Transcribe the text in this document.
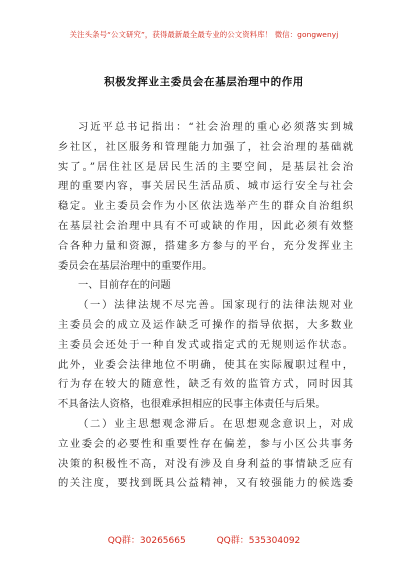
关注头条号“公文研究”，获得最新最全最专业的公文资料库！ 微信：gongwenyj
积极发挥业主委员会在基层治理中的作用
习近平总书记指出：“社会治理的重心必须落实到城
乡社区，社区服务和管理能力加强了，社会治理的基础就
实了。”居住社区是居民生活的主要空间，是基层社会治
理的重要内容，事关居民生活品质、城市运行安全与社会
稳定。业主委员会作为小区依法选举产生的群众自治组织
在基层社会治理中具有不可或缺的作用，因此必须有效整
合各种力量和资源，搭建多方参与的平台，充分发挥业主
委员会在基层治理中的重要作用。
一、目前存在的问题
（一）法律法规不尽完善。国家现行的法律法规对业
主委员会的成立及运作缺乏可操作的指导依据，大多数业
主委员会还处于一种自发式或指定式的无规则运作状态。
此外，业委会法律地位不明确，使其在实际履职过程中，
行为存在较大的随意性，缺乏有效的监管方式，同时因其
不具备法人资格，也很难承担相应的民事主体责任与后果。
（二）业主思想观念滞后。在思想观念意识上，对成
立业委会的必要性和重要性存在偏差，参与小区公共事务
决策的积极性不高，对没有涉及自身利益的事情缺乏应有
的关注度，要找到既具公益精神，又有较强能力的候选委
QQ群：30265665	QQ群：535304092
